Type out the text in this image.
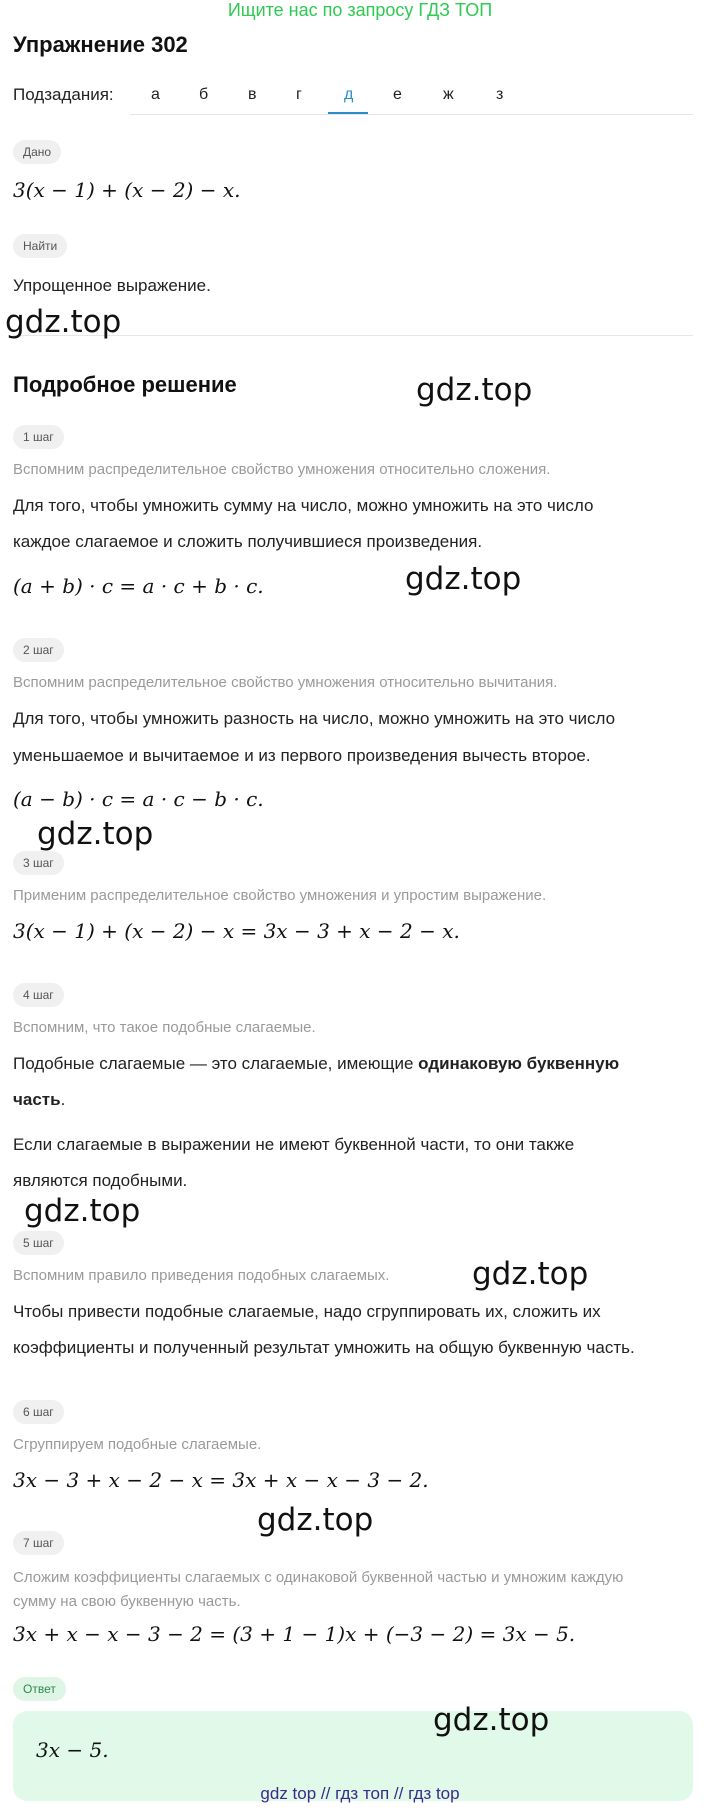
Ищите нас по запросу ГДЗ ТОП
Упражнение 302
Подзадания: а б в г	д е	ж	з
Дано
3(x − 1) + (x − 2) − x.
Найти
Упрощенное выражение.
Подробное решение
1 шаг
Вспомним распределительное свойство умножения относительно сложения.
Для того, чтобы умножить сумму на число, можно умножить на это число
каждое слагаемое и сложить получившиеся произведения.
(a + b) · c = a · c + b · c.
2 шаг
Вспомним распределительное свойство умножения относительно вычитания.
Для того, чтобы умножить разность на число, можно умножить на это число
уменьшаемое и вычитаемое и из первого произведения вычесть второе.
(a − b) · c = a · c − b · c.
3 шаг
Применим распределительное свойство умножения и упростим выражение.
3(x − 1) + (x − 2) − x = 3x − 3 + x − 2 − x.
4 шаг
Вспомним, что такое подобные слагаемые.
Подобные слагаемые — это слагаемые, имеющие одинаковую буквенную
часть.
Если слагаемые в выражении не имеют буквенной части, то они также
являются подобными.
5 шаг
Вспомним правило приведения подобных слагаемых.
Чтобы привести подобные слагаемые, надо сгруппировать их, сложить их
коэффициенты и полученный результат умножить на общую буквенную часть.
6 шаг
Сгруппируем подобные слагаемые.
3x − 3 + x − 2 − x = 3x + x − x − 3 − 2.
7 шаг
Сложим коэффициенты слагаемых с одинаковой буквенной частью и умножим каждую
сумму на свою буквенную часть.
3x + x − x − 3 − 2 = (3 + 1 − 1)x + (−3 − 2) = 3x − 5.
Ответ
3x − 5.
gdz.top
gdz.top
gdz.top
gdz.top
gdz.top
gdz.top
gdz.top
gdz.top
gdz top // гдз топ // гдз top
